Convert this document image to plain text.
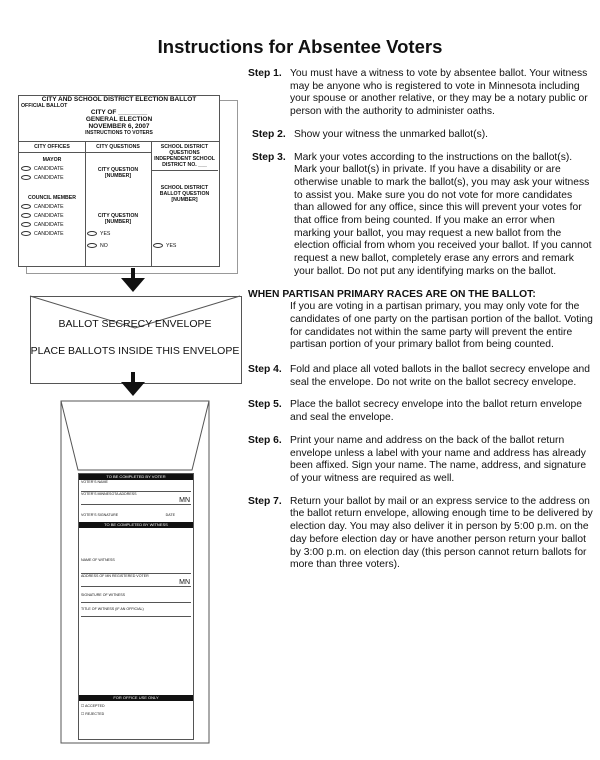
Instructions for Absentee Voters
CITY AND SCHOOL DISTRICT ELECTION BALLOT
OFFICIAL BALLOT
CITY OF ________
GENERAL ELECTION
NOVEMBER 6, 2007
INSTRUCTIONS TO VOTERS
CITY OFFICES
MAYOR
CANDIDATE
CANDIDATE
COUNCIL MEMBER
CANDIDATE
CANDIDATE
CANDIDATE
CANDIDATE
CITY QUESTIONS
CITY QUESTION [NUMBER]
CITY QUESTION [NUMBER]
YES
NO
SCHOOL DISTRICT QUESTIONS INDEPENDENT SCHOOL DISTRICT NO. ___
SCHOOL DISTRICT BALLOT QUESTION [NUMBER]
YES
BALLOT SECRECY ENVELOPE
PLACE BALLOTS INSIDE THIS ENVELOPE
TO BE COMPLETED BY VOTER
VOTER'S NAME
VOTER'S MINNESOTA ADDRESS
MN
VOTER'S SIGNATURE	DATE
TO BE COMPLETED BY WITNESS
NAME OF WITNESS
ADDRESS OF MN REGISTERED VOTER
MN
SIGNATURE OF WITNESS
TITLE OF WITNESS (IF AN OFFICIAL)
FOR OFFICE USE ONLY
☐ ACCEPTED
☐ REJECTED
Step 1. You must have a witness to vote by absentee ballot. Your witness may be anyone who is registered to vote in Minnesota including your spouse or another relative, or they may be a notary public or person with the authority to administer oaths.
Step 2. Show your witness the unmarked ballot(s).
Step 3. Mark your votes according to the instructions on the ballot(s). Mark your ballot(s) in private. If you have a disability or are otherwise unable to mark the ballot(s), you may ask your witness to assist you. Make sure you do not vote for more candidates than allowed for any office, since this will prevent your votes for that office from being counted. If you make an error when marking your ballot, you may request a new ballot from the election official from whom you received your ballot. If you cannot request a new ballot, completely erase any errors and remark your ballot. Do not put any identifying marks on the ballot.
WHEN PARTISAN PRIMARY RACES ARE ON THE BALLOT:
If you are voting in a partisan primary, you may only vote for the candidates of one party on the partisan portion of the ballot. Voting for candidates not within the same party will prevent the entire partisan portion of your primary ballot from being counted.
Step 4. Fold and place all voted ballots in the ballot secrecy envelope and seal the envelope. Do not write on the ballot secrecy envelope.
Step 5. Place the ballot secrecy envelope into the ballot return envelope and seal the envelope.
Step 6. Print your name and address on the back of the ballot return envelope unless a label with your name and address has already been affixed. Sign your name. The name, address, and signature of your witness are required as well.
Step 7. Return your ballot by mail or an express service to the address on the ballot return envelope, allowing enough time to be delivered by election day. You may also deliver it in person by 5:00 p.m. on the day before election day or have another person return your ballot by 3:00 p.m. on election day (this person cannot return ballots for more than three voters).
